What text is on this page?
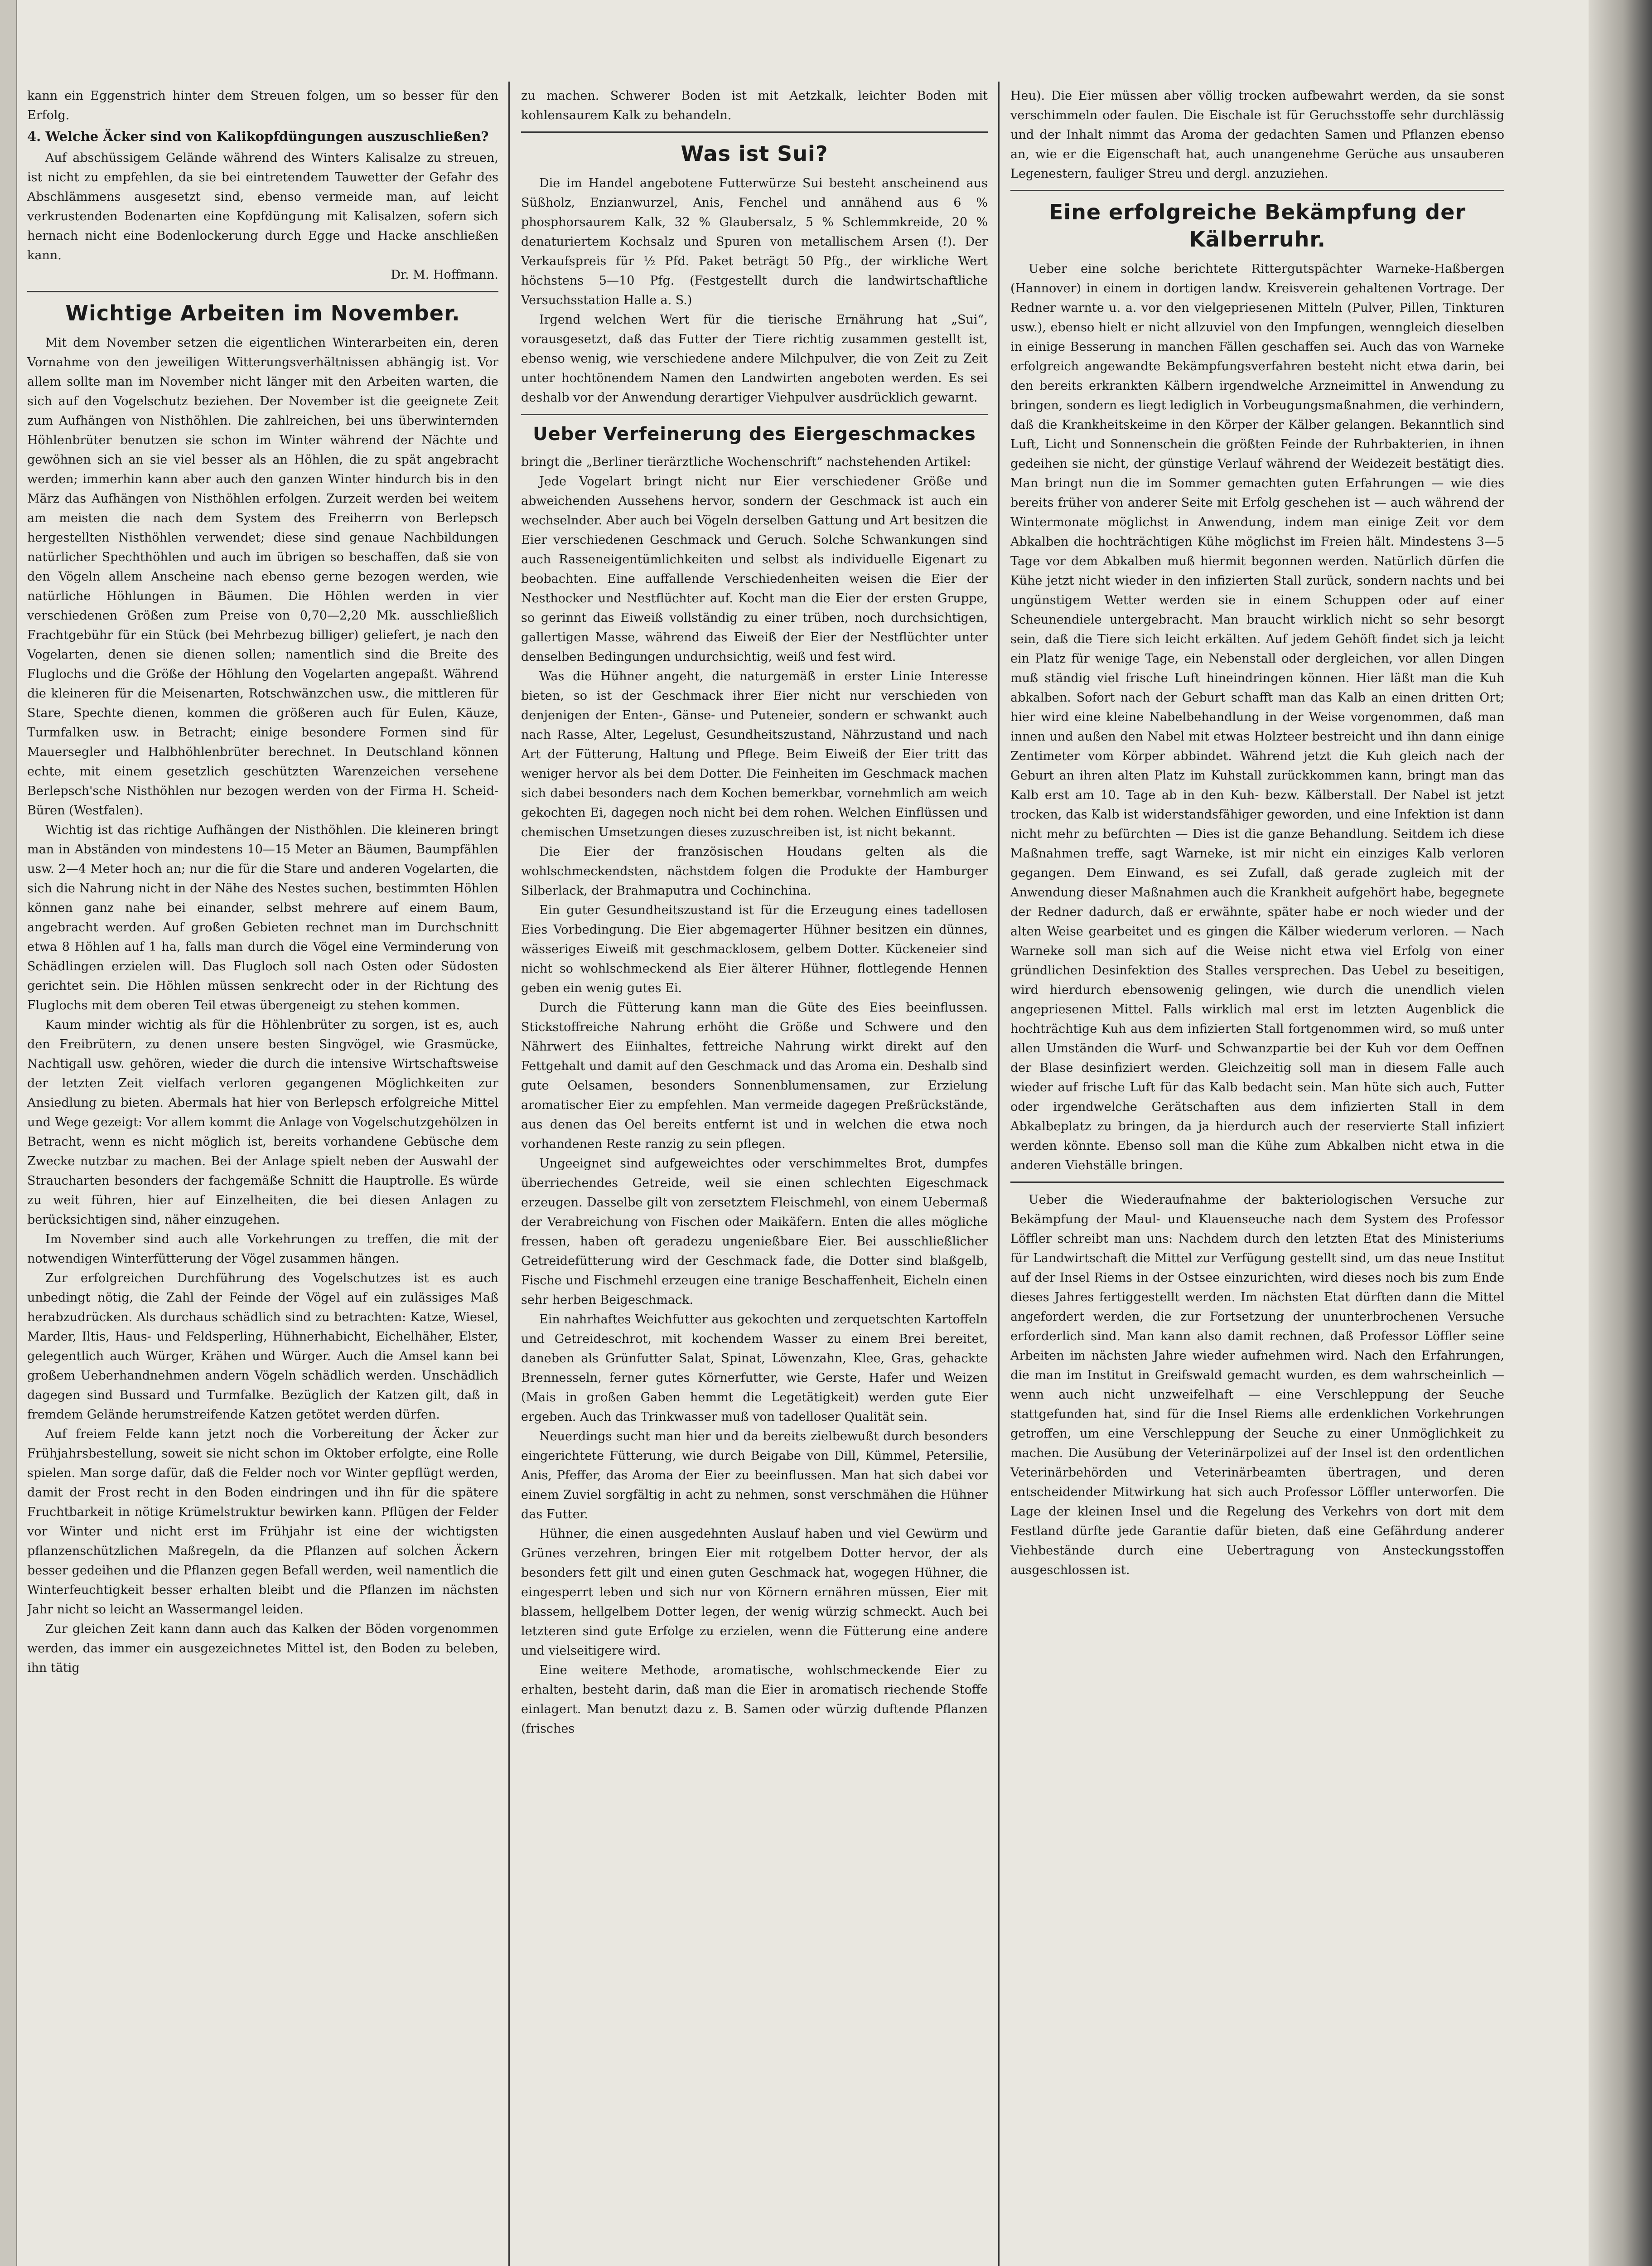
kann ein Eggenstrich hinter dem Streuen folgen, um so besser für den Erfolg.

4. Welche Äcker sind von Kalikopfdüngungen auszuschließen?

Auf abschüssigem Gelände während des Winters Kalisalze zu streuen, ist nicht zu empfehlen, da sie bei eintretendem Tauwetter der Gefahr des Abschlämmens ausgesetzt sind, ebenso vermeide man, auf leicht verkrustenden Bodenarten eine Kopfdüngung mit Kalisalzen, sofern sich hernach nicht eine Bodenlockerung durch Egge und Hacke anschließen kann.

Dr. M. Hoffmann.

Wichtige Arbeiten im November.

Mit dem November setzen die eigentlichen Winterarbeiten ein, deren Vornahme von den jeweiligen Witterungsverhältnissen abhängig ist. Vor allem sollte man im November nicht länger mit den Arbeiten warten, die sich auf den Vogelschutz beziehen. Der November ist die geeignete Zeit zum Aufhängen von Nisthöhlen. Die zahlreichen, bei uns überwinternden Höhlenbrüter benutzen sie schon im Winter während der Nächte und gewöhnen sich an sie viel besser als an Höhlen, die zu spät angebracht werden; immerhin kann aber auch den ganzen Winter hindurch bis in den März das Aufhängen von Nisthöhlen erfolgen. Zurzeit werden bei weitem am meisten die nach dem System des Freiherrn von Berlepsch hergestellten Nisthöhlen verwendet; diese sind genaue Nachbildungen natürlicher Spechthöhlen und auch im übrigen so beschaffen, daß sie von den Vögeln allem Anscheine nach ebenso gerne bezogen werden, wie natürliche Höhlungen in Bäumen. Die Höhlen werden in vier verschiedenen Größen zum Preise von 0,70—2,20 Mk. ausschließlich Frachtgebühr für ein Stück (bei Mehrbezug billiger) geliefert, je nach den Vogelarten, denen sie dienen sollen; namentlich sind die Breite des Fluglochs und die Größe der Höhlung den Vogelarten angepaßt. Während die kleineren für die Meisenarten, Rotschwänzchen usw., die mittleren für Stare, Spechte dienen, kommen die größeren auch für Eulen, Käuze, Turmfalken usw. in Betracht; einige besondere Formen sind für Mauersegler und Halbhöhlenbrüter berechnet. In Deutschland können echte, mit einem gesetzlich geschützten Warenzeichen versehene Berlepsch'sche Nisthöhlen nur bezogen werden von der Firma H. Scheid-Büren (Westfalen).

Wichtig ist das richtige Aufhängen der Nisthöhlen. Die kleineren bringt man in Abständen von mindestens 10—15 Meter an Bäumen, Baumpfählen usw. 2—4 Meter hoch an; nur die für die Stare und anderen Vogelarten, die sich die Nahrung nicht in der Nähe des Nestes suchen, bestimmten Höhlen können ganz nahe bei einander, selbst mehrere auf einem Baum, angebracht werden. Auf großen Gebieten rechnet man im Durchschnitt etwa 8 Höhlen auf 1 ha, falls man durch die Vögel eine Verminderung von Schädlingen erzielen will. Das Flugloch soll nach Osten oder Südosten gerichtet sein. Die Höhlen müssen senkrecht oder in der Richtung des Fluglochs mit dem oberen Teil etwas übergeneigt zu stehen kommen.

Kaum minder wichtig als für die Höhlenbrüter zu sorgen, ist es, auch den Freibrütern, zu denen unsere besten Singvögel, wie Grasmücke, Nachtigall usw. gehören, wieder die durch die intensive Wirtschaftsweise der letzten Zeit vielfach verloren gegangenen Möglichkeiten zur Ansiedlung zu bieten. Abermals hat hier von Berlepsch erfolgreiche Mittel und Wege gezeigt: Vor allem kommt die Anlage von Vogelschutzgehölzen in Betracht, wenn es nicht möglich ist, bereits vorhandene Gebüsche dem Zwecke nutzbar zu machen. Bei der Anlage spielt neben der Auswahl der Straucharten besonders der fachgemäße Schnitt die Hauptrolle. Es würde zu weit führen, hier auf Einzelheiten, die bei diesen Anlagen zu berücksichtigen sind, näher einzugehen.

Im November sind auch alle Vorkehrungen zu treffen, die mit der notwendigen Winterfütterung der Vögel zusammen hängen.

Zur erfolgreichen Durchführung des Vogelschutzes ist es auch unbedingt nötig, die Zahl der Feinde der Vögel auf ein zulässiges Maß herabzudrücken. Als durchaus schädlich sind zu betrachten: Katze, Wiesel, Marder, Iltis, Haus- und Feldsperling, Hühnerhabicht, Eichelhäher, Elster, gelegentlich auch Würger, Krähen und Würger. Auch die Amsel kann bei großem Ueberhandnehmen andern Vögeln schädlich werden. Unschädlich dagegen sind Bussard und Turmfalke. Bezüglich der Katzen gilt, daß in fremdem Gelände herumstreifende Katzen getötet werden dürfen.

Auf freiem Felde kann jetzt noch die Vorbereitung der Äcker zur Frühjahrsbestellung, soweit sie nicht schon im Oktober erfolgte, eine Rolle spielen. Man sorge dafür, daß die Felder noch vor Winter gepflügt werden, damit der Frost recht in den Boden eindringen und ihn für die spätere Fruchtbarkeit in nötige Krümelstruktur bewirken kann. Pflügen der Felder vor Winter und nicht erst im Frühjahr ist eine der wichtigsten pflanzenschützlichen Maßregeln, da die Pflanzen auf solchen Äckern besser gedeihen und die Pflanzen gegen Befall werden, weil namentlich die Winterfeuchtigkeit besser erhalten bleibt und die Pflanzen im nächsten Jahr nicht so leicht an Wassermangel leiden.

Zur gleichen Zeit kann dann auch das Kalken der Böden vorgenommen werden, das immer ein ausgezeichnetes Mittel ist, den Boden zu beleben, ihn tätig

zu machen. Schwerer Boden ist mit Aetzkalk, leichter Boden mit kohlensaurem Kalk zu behandeln.

Was ist Sui?

Die im Handel angebotene Futterwürze Sui besteht anscheinend aus Süßholz, Enzianwurzel, Anis, Fenchel und annähend aus 6 % phosphorsaurem Kalk, 32 % Glaubersalz, 5 % Schlemmkreide, 20 % denaturiertem Kochsalz und Spuren von metallischem Arsen (!). Der Verkaufspreis für ½ Pfd. Paket beträgt 50 Pfg., der wirkliche Wert höchstens 5—10 Pfg. (Festgestellt durch die landwirtschaftliche Versuchsstation Halle a. S.)

Irgend welchen Wert für die tierische Ernährung hat „Sui“, vorausgesetzt, daß das Futter der Tiere richtig zusammen gestellt ist, ebenso wenig, wie verschiedene andere Milchpulver, die von Zeit zu Zeit unter hochtönendem Namen den Landwirten angeboten werden. Es sei deshalb vor der Anwendung derartiger Viehpulver ausdrücklich gewarnt.

Ueber Verfeinerung des Eiergeschmackes

bringt die „Berliner tierärztliche Wochenschrift“ nachstehenden Artikel:

Jede Vogelart bringt nicht nur Eier verschiedener Größe und abweichenden Aussehens hervor, sondern der Geschmack ist auch ein wechselnder. Aber auch bei Vögeln derselben Gattung und Art besitzen die Eier verschiedenen Geschmack und Geruch. Solche Schwankungen sind auch Rasseneigentümlichkeiten und selbst als individuelle Eigenart zu beobachten. Eine auffallende Verschiedenheiten weisen die Eier der Nesthocker und Nestflüchter auf. Kocht man die Eier der ersten Gruppe, so gerinnt das Eiweiß vollständig zu einer trüben, noch durchsichtigen, gallertigen Masse, während das Eiweiß der Eier der Nestflüchter unter denselben Bedingungen undurchsichtig, weiß und fest wird.

Was die Hühner angeht, die naturgemäß in erster Linie Interesse bieten, so ist der Geschmack ihrer Eier nicht nur verschieden von denjenigen der Enten-, Gänse- und Puteneier, sondern er schwankt auch nach Rasse, Alter, Legelust, Gesundheitszustand, Nährzustand und nach Art der Fütterung, Haltung und Pflege. Beim Eiweiß der Eier tritt das weniger hervor als bei dem Dotter. Die Feinheiten im Geschmack machen sich dabei besonders nach dem Kochen bemerkbar, vornehmlich am weich gekochten Ei, dagegen noch nicht bei dem rohen. Welchen Einflüssen und chemischen Umsetzungen dieses zuzuschreiben ist, ist nicht bekannt.

Die Eier der französischen Houdans gelten als die wohlschmeckendsten, nächstdem folgen die Produkte der Hamburger Silberlack, der Brahmaputra und Cochinchina.

Ein guter Gesundheitszustand ist für die Erzeugung eines tadellosen Eies Vorbedingung. Die Eier abgemagerter Hühner besitzen ein dünnes, wässeriges Eiweiß mit geschmacklosem, gelbem Dotter. Kückeneier sind nicht so wohlschmeckend als Eier älterer Hühner, flottlegende Hennen geben ein wenig gutes Ei.

Durch die Fütterung kann man die Güte des Eies beeinflussen. Stickstoffreiche Nahrung erhöht die Größe und Schwere und den Nährwert des Eiinhaltes, fettreiche Nahrung wirkt direkt auf den Fettgehalt und damit auf den Geschmack und das Aroma ein. Deshalb sind gute Oelsamen, besonders Sonnenblumensamen, zur Erzielung aromatischer Eier zu empfehlen. Man vermeide dagegen Preßrückstände, aus denen das Oel bereits entfernt ist und in welchen die etwa noch vorhandenen Reste ranzig zu sein pflegen.

Ungeeignet sind aufgeweichtes oder verschimmeltes Brot, dumpfes überriechendes Getreide, weil sie einen schlechten Eigeschmack erzeugen. Dasselbe gilt von zersetztem Fleischmehl, von einem Uebermaß der Verabreichung von Fischen oder Maikäfern. Enten die alles mögliche fressen, haben oft geradezu ungenießbare Eier. Bei ausschließlicher Getreidefütterung wird der Geschmack fade, die Dotter sind blaßgelb, Fische und Fischmehl erzeugen eine tranige Beschaffenheit, Eicheln einen sehr herben Beigeschmack.

Ein nahrhaftes Weichfutter aus gekochten und zerquetschten Kartoffeln und Getreideschrot, mit kochendem Wasser zu einem Brei bereitet, daneben als Grünfutter Salat, Spinat, Löwenzahn, Klee, Gras, gehackte Brennesseln, ferner gutes Körnerfutter, wie Gerste, Hafer und Weizen (Mais in großen Gaben hemmt die Legetätigkeit) werden gute Eier ergeben. Auch das Trinkwasser muß von tadelloser Qualität sein.

Neuerdings sucht man hier und da bereits zielbewußt durch besonders eingerichtete Fütterung, wie durch Beigabe von Dill, Kümmel, Petersilie, Anis, Pfeffer, das Aroma der Eier zu beeinflussen. Man hat sich dabei vor einem Zuviel sorgfältig in acht zu nehmen, sonst verschmähen die Hühner das Futter.

Hühner, die einen ausgedehnten Auslauf haben und viel Gewürm und Grünes verzehren, bringen Eier mit rotgelbem Dotter hervor, der als besonders fett gilt und einen guten Geschmack hat, wogegen Hühner, die eingesperrt leben und sich nur von Körnern ernähren müssen, Eier mit blassem, hellgelbem Dotter legen, der wenig würzig schmeckt. Auch bei letzteren sind gute Erfolge zu erzielen, wenn die Fütterung eine andere und vielseitigere wird.

Eine weitere Methode, aromatische, wohlschmeckende Eier zu erhalten, besteht darin, daß man die Eier in aromatisch riechende Stoffe einlagert. Man benutzt dazu z. B. Samen oder würzig duftende Pflanzen (frisches

Heu). Die Eier müssen aber völlig trocken aufbewahrt werden, da sie sonst verschimmeln oder faulen. Die Eischale ist für Geruchsstoffe sehr durchlässig und der Inhalt nimmt das Aroma der gedachten Samen und Pflanzen ebenso an, wie er die Eigenschaft hat, auch unangenehme Gerüche aus unsauberen Legenestern, fauliger Streu und dergl. anzuziehen.

Eine erfolgreiche Bekämpfung der Kälberruhr.

Ueber eine solche berichtete Rittergutspächter Warneke-Haßbergen (Hannover) in einem in dortigen landw. Kreisverein gehaltenen Vortrage. Der Redner warnte u. a. vor den vielgepriesenen Mitteln (Pulver, Pillen, Tinkturen usw.), ebenso hielt er nicht allzuviel von den Impfungen, wenngleich dieselben in einige Besserung in manchen Fällen geschaffen sei. Auch das von Warneke erfolgreich angewandte Bekämpfungsverfahren besteht nicht etwa darin, bei den bereits erkrankten Kälbern irgendwelche Arzneimittel in Anwendung zu bringen, sondern es liegt lediglich in Vorbeugungsmaßnahmen, die verhindern, daß die Krankheitskeime in den Körper der Kälber gelangen. Bekanntlich sind Luft, Licht und Sonnenschein die größten Feinde der Ruhrbakterien, in ihnen gedeihen sie nicht, der günstige Verlauf während der Weidezeit bestätigt dies. Man bringt nun die im Sommer gemachten guten Erfahrungen — wie dies bereits früher von anderer Seite mit Erfolg geschehen ist — auch während der Wintermonate möglichst in Anwendung, indem man einige Zeit vor dem Abkalben die hochträchtigen Kühe möglichst im Freien hält. Mindestens 3—5 Tage vor dem Abkalben muß hiermit begonnen werden. Natürlich dürfen die Kühe jetzt nicht wieder in den infizierten Stall zurück, sondern nachts und bei ungünstigem Wetter werden sie in einem Schuppen oder auf einer Scheunendiele untergebracht. Man braucht wirklich nicht so sehr besorgt sein, daß die Tiere sich leicht erkälten. Auf jedem Gehöft findet sich ja leicht ein Platz für wenige Tage, ein Nebenstall oder dergleichen, vor allen Dingen muß ständig viel frische Luft hineindringen können. Hier läßt man die Kuh abkalben. Sofort nach der Geburt schafft man das Kalb an einen dritten Ort; hier wird eine kleine Nabelbehandlung in der Weise vorgenommen, daß man innen und außen den Nabel mit etwas Holzteer bestreicht und ihn dann einige Zentimeter vom Körper abbindet. Während jetzt die Kuh gleich nach der Geburt an ihren alten Platz im Kuhstall zurückkommen kann, bringt man das Kalb erst am 10. Tage ab in den Kuh- bezw. Kälberstall. Der Nabel ist jetzt trocken, das Kalb ist widerstandsfähiger geworden, und eine Infektion ist dann nicht mehr zu befürchten — Dies ist die ganze Behandlung. Seitdem ich diese Maßnahmen treffe, sagt Warneke, ist mir nicht ein einziges Kalb verloren gegangen. Dem Einwand, es sei Zufall, daß gerade zugleich mit der Anwendung dieser Maßnahmen auch die Krankheit aufgehört habe, begegnete der Redner dadurch, daß er erwähnte, später habe er noch wieder und der alten Weise gearbeitet und es gingen die Kälber wiederum verloren. — Nach Warneke soll man sich auf die Weise nicht etwa viel Erfolg von einer gründlichen Desinfektion des Stalles versprechen. Das Uebel zu beseitigen, wird hierdurch ebensowenig gelingen, wie durch die unendlich vielen angepriesenen Mittel. Falls wirklich mal erst im letzten Augenblick die hochträchtige Kuh aus dem infizierten Stall fortgenommen wird, so muß unter allen Umständen die Wurf- und Schwanzpartie bei der Kuh vor dem Oeffnen der Blase desinfiziert werden. Gleichzeitig soll man in diesem Falle auch wieder auf frische Luft für das Kalb bedacht sein. Man hüte sich auch, Futter oder irgendwelche Gerätschaften aus dem infizierten Stall in dem Abkalbeplatz zu bringen, da ja hierdurch auch der reservierte Stall infiziert werden könnte. Ebenso soll man die Kühe zum Abkalben nicht etwa in die anderen Viehställe bringen.

Ueber die Wiederaufnahme der bakteriologischen Versuche zur Bekämpfung der Maul- und Klauenseuche nach dem System des Professor Löffler schreibt man uns: Nachdem durch den letzten Etat des Ministeriums für Landwirtschaft die Mittel zur Verfügung gestellt sind, um das neue Institut auf der Insel Riems in der Ostsee einzurichten, wird dieses noch bis zum Ende dieses Jahres fertiggestellt werden. Im nächsten Etat dürften dann die Mittel angefordert werden, die zur Fortsetzung der ununterbrochenen Versuche erforderlich sind. Man kann also damit rechnen, daß Professor Löffler seine Arbeiten im nächsten Jahre wieder aufnehmen wird. Nach den Erfahrungen, die man im Institut in Greifswald gemacht wurden, es dem wahrscheinlich — wenn auch nicht unzweifelhaft — eine Verschleppung der Seuche stattgefunden hat, sind für die Insel Riems alle erdenklichen Vorkehrungen getroffen, um eine Verschleppung der Seuche zu einer Unmöglichkeit zu machen. Die Ausübung der Veterinärpolizei auf der Insel ist den ordentlichen Veterinärbehörden und Veterinärbeamten übertragen, und deren entscheidender Mitwirkung hat sich auch Professor Löffler unterworfen. Die Lage der kleinen Insel und die Regelung des Verkehrs von dort mit dem Festland dürfte jede Garantie dafür bieten, daß eine Gefährdung anderer Viehbestände durch eine Uebertragung von Ansteckungsstoffen ausgeschlossen ist.
